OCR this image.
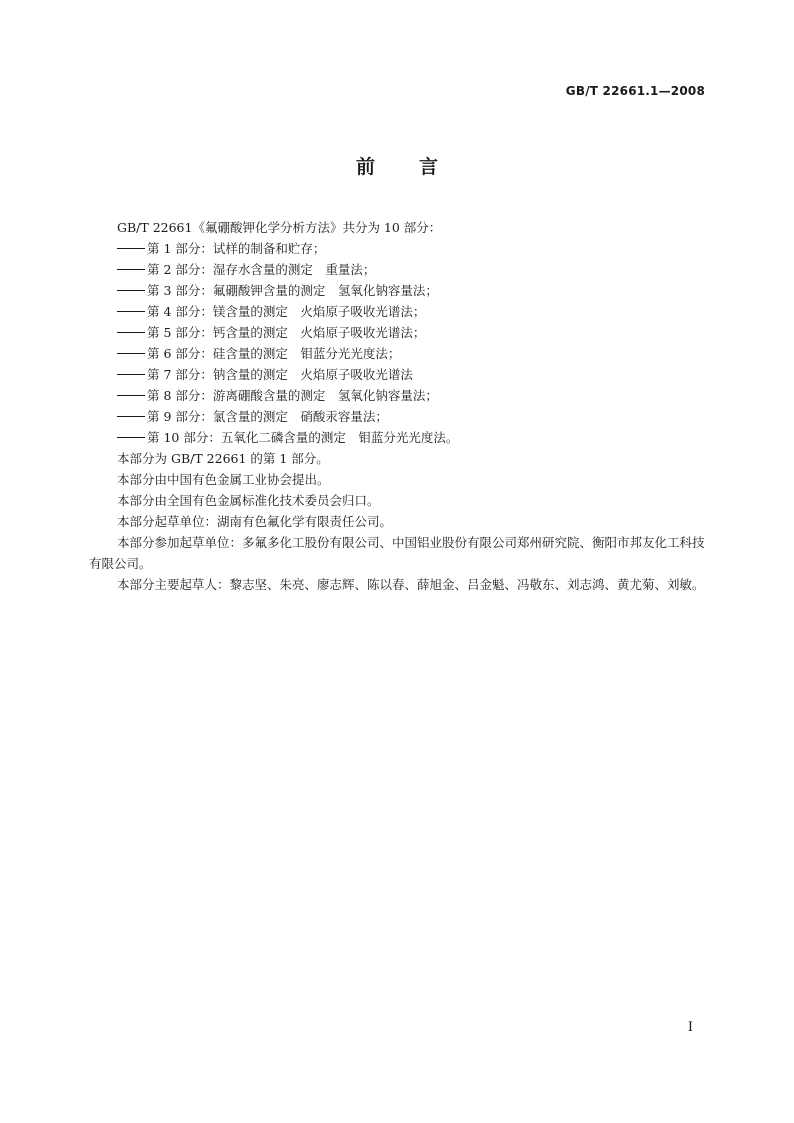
GB/T 22661.1—2008
前 言

GB/T 22661《氟硼酸钾化学分析方法》共分为 10 部分：

第 1 部分：试样的制备和贮存；

第 2 部分：湿存水含量的测定　重量法；

第 3 部分：氟硼酸钾含量的测定　氢氧化钠容量法；

第 4 部分：镁含量的测定　火焰原子吸收光谱法；

第 5 部分：钙含量的测定　火焰原子吸收光谱法；

第 6 部分：硅含量的测定　钼蓝分光光度法；

第 7 部分：钠含量的测定　火焰原子吸收光谱法

第 8 部分：游离硼酸含量的测定　氢氧化钠容量法；

第 9 部分：氯含量的测定　硝酸汞容量法；

第 10 部分：五氧化二磷含量的测定　钼蓝分光光度法。

本部分为 GB/T 22661 的第 1 部分。

本部分由中国有色金属工业协会提出。

本部分由全国有色金属标准化技术委员会归口。

本部分起草单位：湖南有色氟化学有限责任公司。

本部分参加起草单位：多氟多化工股份有限公司、中国铝业股份有限公司郑州研究院、衡阳市邦友化工科技有限公司。

本部分主要起草人：黎志坚、朱亮、廖志辉、陈以春、薛旭金、吕金魁、冯敬东、刘志鸿、黄尤菊、刘敏。

I
